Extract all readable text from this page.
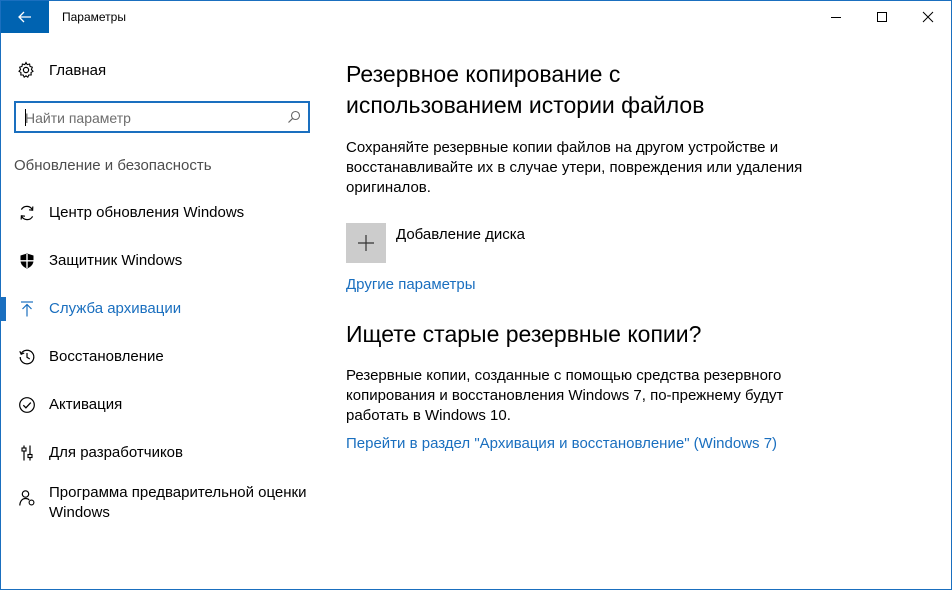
Параметры
Главная
Найти параметр
Обновление и безопасность
Центр обновления Windows
Защитник Windows
Служба архивации
Восстановление
Активация
Для разработчиков
Программа предварительной оценки Windows
Резервное копирование с использованием истории файлов

Сохраняйте резервные копии файлов на другом устройстве и восстанавливайте их в случае утери, повреждения или удаления оригиналов.

Добавление диска
Другие параметры
Ищете старые резервные копии?

Резервные копии, созданные с помощью средства резервного копирования и восстановления Windows 7, по-прежнему будут работать в Windows 10.

Перейти в раздел "Архивация и восстановление" (Windows 7)
